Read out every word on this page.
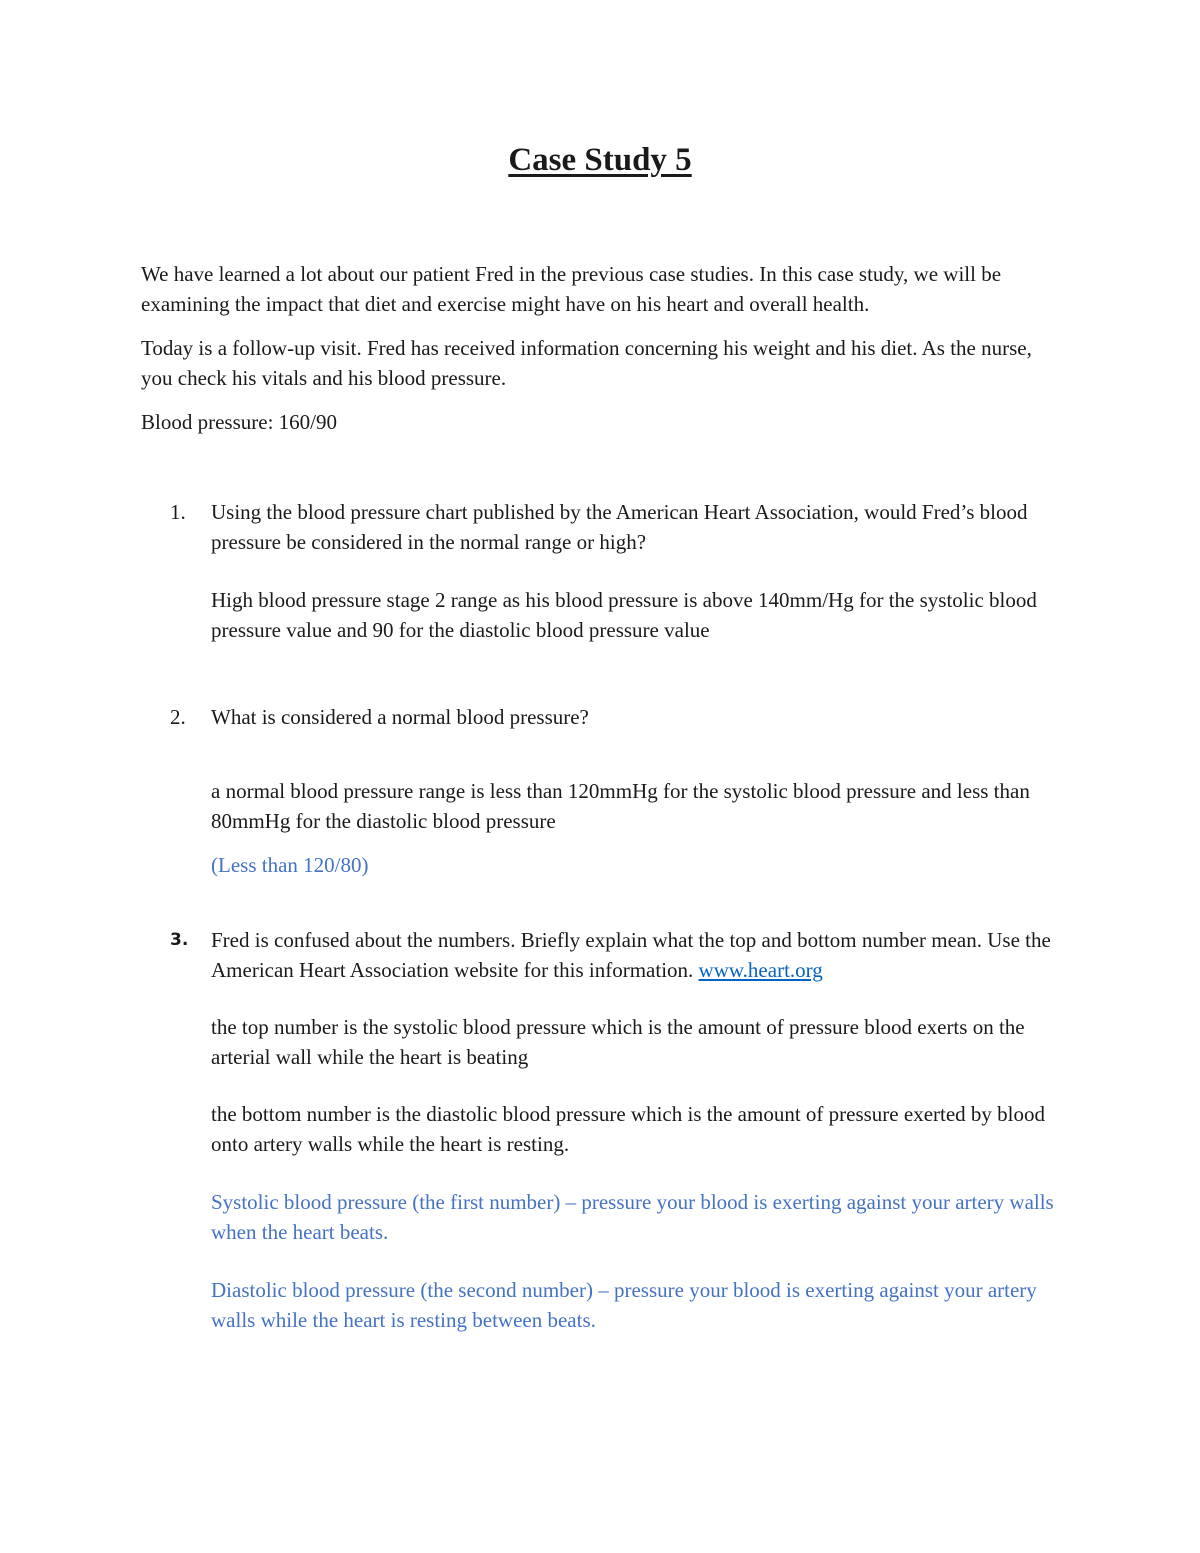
Case Study 5
We have learned a lot about our patient Fred in the previous case studies. In this case study, we will be examining the impact that diet and exercise might have on his heart and overall health.
Today is a follow-up visit. Fred has received information concerning his weight and his diet. As the nurse, you check his vitals and his blood pressure.
Blood pressure: 160/90
1. Using the blood pressure chart published by the American Heart Association, would Fred’s blood pressure be considered in the normal range or high?
High blood pressure stage 2 range as his blood pressure is above 140mm/Hg for the systolic blood pressure value and 90 for the diastolic blood pressure value
2. What is considered a normal blood pressure?
a normal blood pressure range is less than 120mmHg for the systolic blood pressure and less than 80mmHg for the diastolic blood pressure
(Less than 120/80)
3. Fred is confused about the numbers. Briefly explain what the top and bottom number mean. Use the American Heart Association website for this information. www.heart.org
the top number is the systolic blood pressure which is the amount of pressure blood exerts on the arterial wall while the heart is beating
the bottom number is the diastolic blood pressure which is the amount of pressure exerted by blood onto artery walls while the heart is resting.
Systolic blood pressure (the first number) – pressure your blood is exerting against your artery walls when the heart beats.
Diastolic blood pressure (the second number) – pressure your blood is exerting against your artery walls while the heart is resting between beats.
